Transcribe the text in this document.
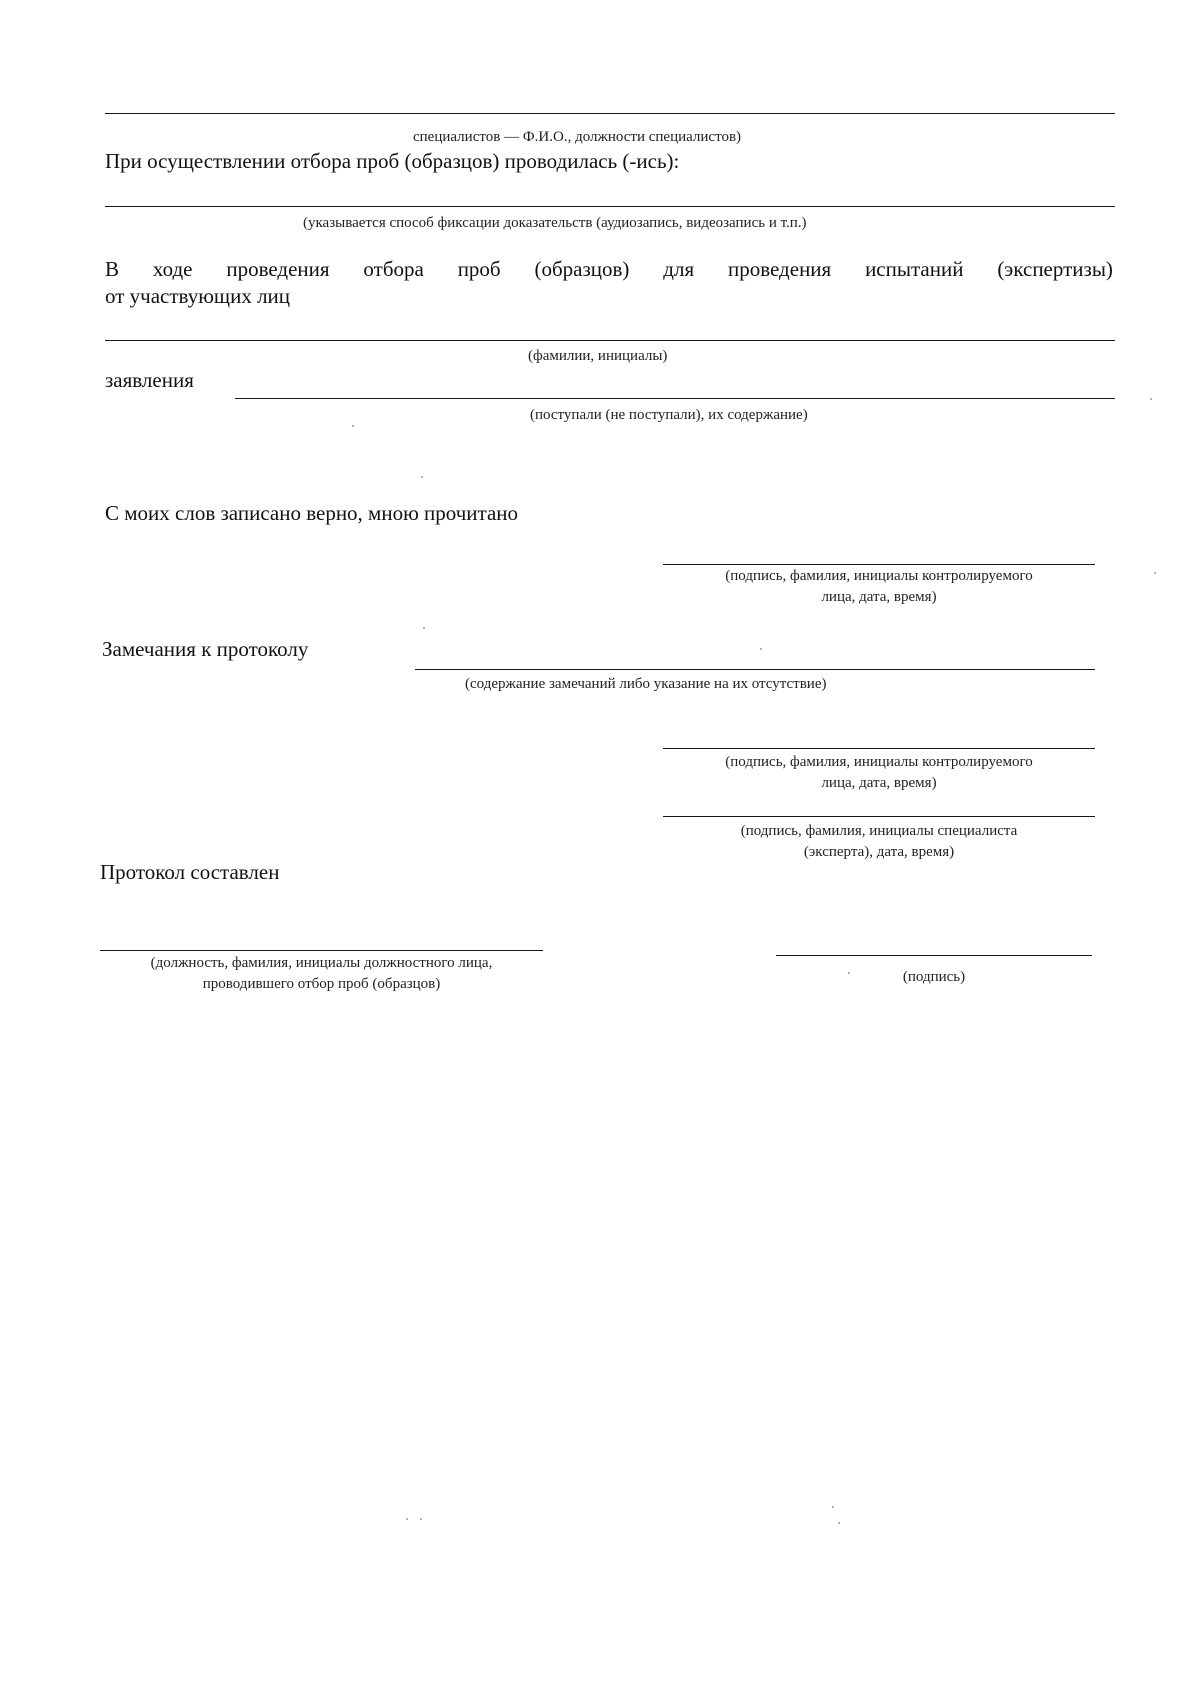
специалистов — Ф.И.О., должности специалистов)
При осуществлении отбора проб (образцов) проводилась (-ись):
(указывается способ фиксации доказательств (аудиозапись, видеозапись и т.п.)
В ходе проведения отбора проб (образцов) для проведения испытаний (экспертизы)
от участвующих лиц
(фамилии, инициалы)
заявления
(поступали (не поступали), их содержание)
С моих слов записано верно, мною прочитано
(подпись, фамилия, инициалы контролируемого
лица, дата, время)
Замечания к протоколу
(содержание замечаний либо указание на их отсутствие)
(подпись, фамилия, инициалы контролируемого
лица, дата, время)
(подпись, фамилия, инициалы специалиста
(эксперта), дата, время)
Протокол составлен
(должность, фамилия, инициалы должностного лица,
проводившего отбор проб (образцов)	(подпись)
